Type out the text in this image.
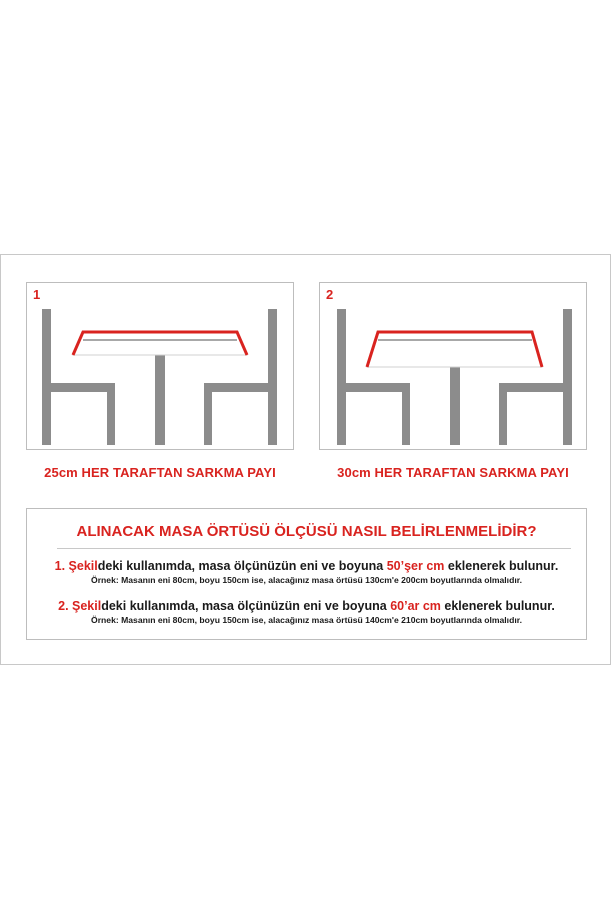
1
25cm HER TARAFTAN SARKMA PAYI
2
30cm HER TARAFTAN SARKMA PAYI
ALINACAK MASA ÖRTÜSÜ ÖLÇÜSÜ NASIL BELİRLENMELİDİR?
1. Şekildeki kullanımda, masa ölçünüzün eni ve boyuna 50’şer cm eklenerek bulunur.
Örnek: Masanın eni 80cm, boyu 150cm ise, alacağınız masa örtüsü 130cm'e 200cm boyutlarında olmalıdır.
2. Şekildeki kullanımda, masa ölçünüzün eni ve boyuna 60’ar cm eklenerek bulunur.
Örnek: Masanın eni 80cm, boyu 150cm ise, alacağınız masa örtüsü 140cm'e 210cm boyutlarında olmalıdır.
